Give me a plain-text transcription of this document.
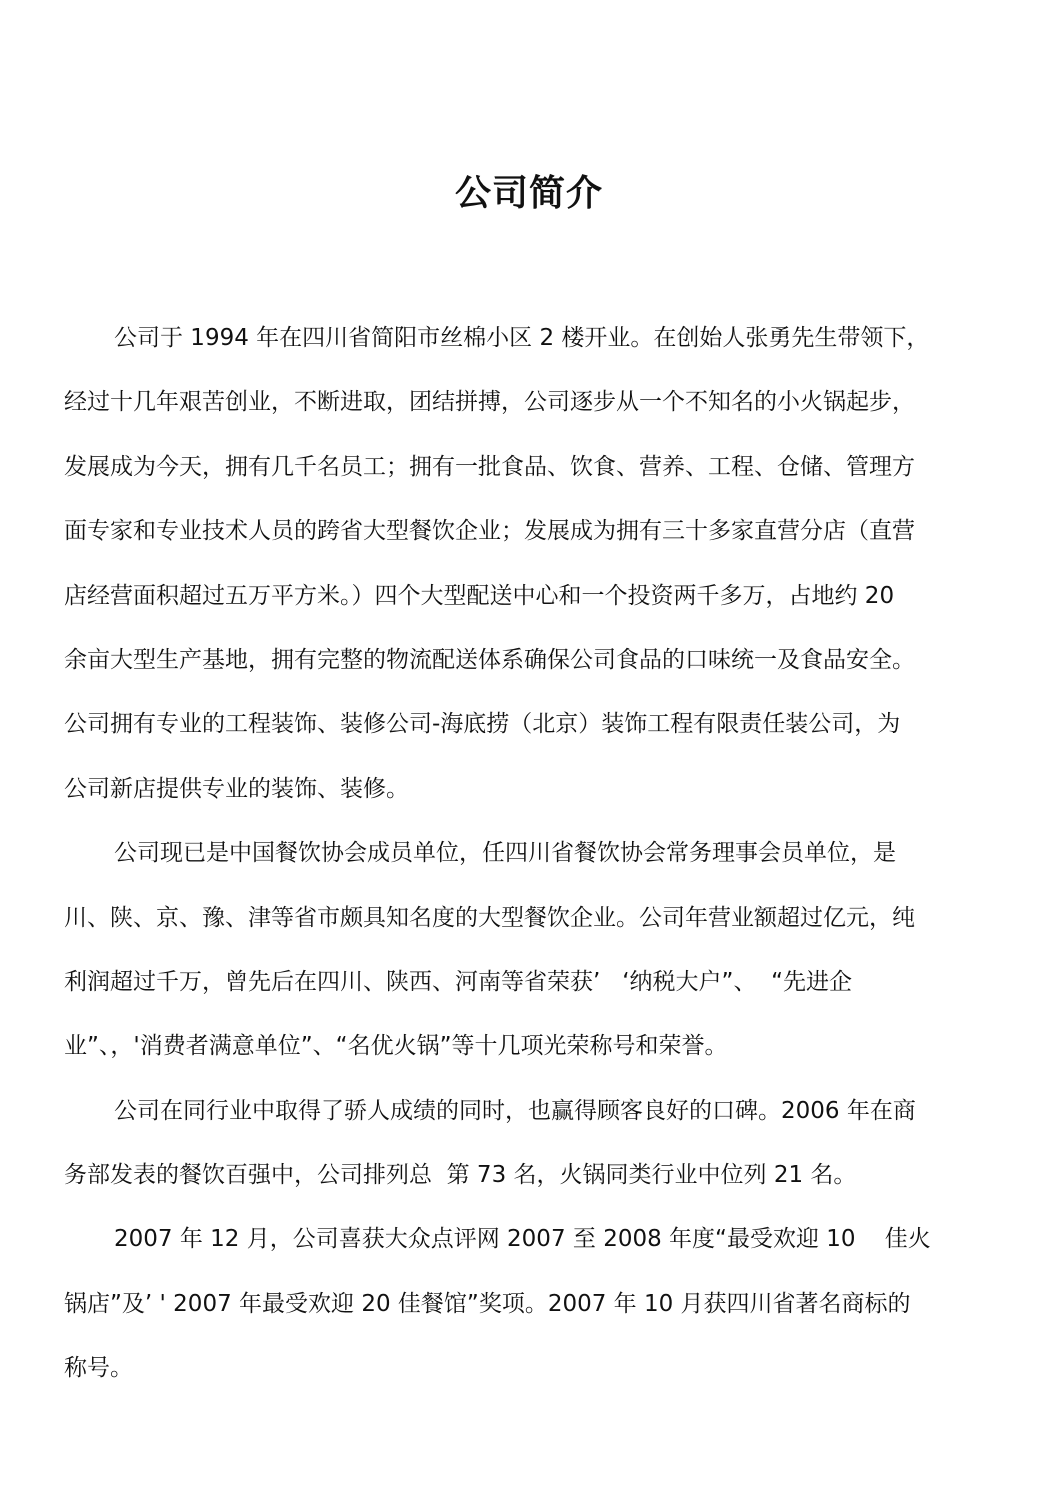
公司简介
公司于 1994 年在四川省简阳市丝棉小区 2 楼开业。在创始人张勇先生带领下，
经过十几年艰苦创业，不断进取，团结拼搏，公司逐步从一个不知名的小火锅起步，
发展成为今天，拥有几千名员工；拥有一批食品、饮食、营养、工程、仓储、管理方
面专家和专业技术人员的跨省大型餐饮企业；发展成为拥有三十多家直营分店（直营
店经营面积超过五万平方米。）四个大型配送中心和一个投资两千多万，占地约 20
余亩大型生产基地，拥有完整的物流配送体系确保公司食品的口味统一及食品安全。
公司拥有专业的工程装饰、装修公司-海底捞（北京）装饰工程有限责任装公司，为
公司新店提供专业的装饰、装修。
公司现已是中国餐饮协会成员单位，任四川省餐饮协会常务理事会员单位，是
川、陕、京、豫、津等省市颇具知名度的大型餐饮企业。公司年营业额超过亿元，纯
利润超过千万，曾先后在四川、陕西、河南等省荣获’   ‘纳税大户”、  “先进企
业”、，'消费者满意单位”、“名优火锅”等十几项光荣称号和荣誉。
公司在同行业中取得了骄人成绩的同时，也赢得顾客良好的口碑。2006 年在商
务部发表的餐饮百强中，公司排列总  第 73 名，火锅同类行业中位列 21 名。
2007 年 12 月，公司喜获大众点评网 2007 至 2008 年度“最受欢迎 10    佳火
锅店”及’ ' 2007 年最受欢迎 20 佳餐馆”奖项。2007 年 10 月获四川省著名商标的
称号。
